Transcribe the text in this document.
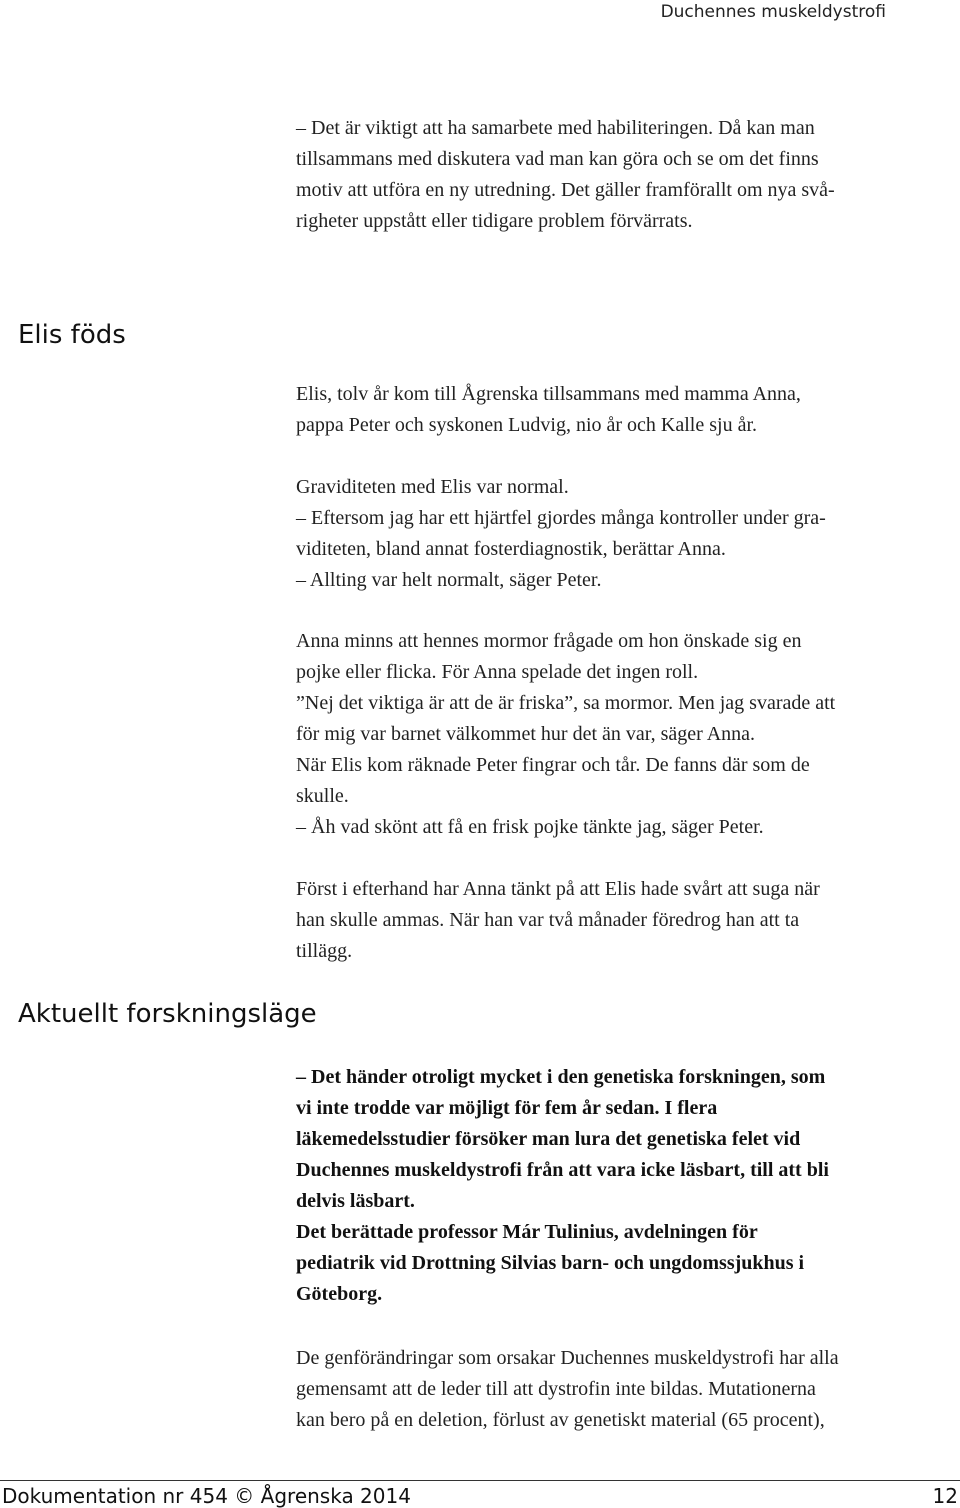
Duchennes muskeldystrofi

– Det är viktigt att ha samarbete med habiliteringen. Då kan man

tillsammans med diskutera vad man kan göra och se om det finns

motiv att utföra en ny utredning. Det gäller framförallt om nya svå-

righeter uppstått eller tidigare problem förvärrats.

Elis föds

Elis, tolv år kom till Ågrenska tillsammans med mamma Anna,

pappa Peter och syskonen Ludvig, nio år och Kalle sju år.

Graviditeten med Elis var normal.

– Eftersom jag har ett hjärtfel gjordes många kontroller under gra-

viditeten, bland annat fosterdiagnostik, berättar Anna.

– Allting var helt normalt, säger Peter.

Anna minns att hennes mormor frågade om hon önskade sig en

pojke eller flicka. För Anna spelade det ingen roll.

”Nej det viktiga är att de är friska”, sa mormor. Men jag svarade att

för mig var barnet välkommet hur det än var, säger Anna.

När Elis kom räknade Peter fingrar och tår. De fanns där som de

skulle.

– Åh vad skönt att få en frisk pojke tänkte jag, säger Peter.

Först i efterhand har Anna tänkt på att Elis hade svårt att suga när

han skulle ammas. När han var två månader föredrog han att ta

tillägg.

Aktuellt forskningsläge

– Det händer otroligt mycket i den genetiska forskningen, som

vi inte trodde var möjligt för fem år sedan. I flera

läkemedelsstudier försöker man lura det genetiska felet vid

Duchennes muskeldystrofi från att vara icke läsbart, till att bli

delvis läsbart.

Det berättade professor Már Tulinius, avdelningen för

pediatrik vid Drottning Silvias barn- och ungdomssjukhus i

Göteborg.

De genförändringar som orsakar Duchennes muskeldystrofi har alla

gemensamt att de leder till att dystrofin inte bildas. Mutationerna

kan bero på en deletion, förlust av genetiskt material (65 procent),

Dokumentation nr 454 © Ågrenska 2014	12
